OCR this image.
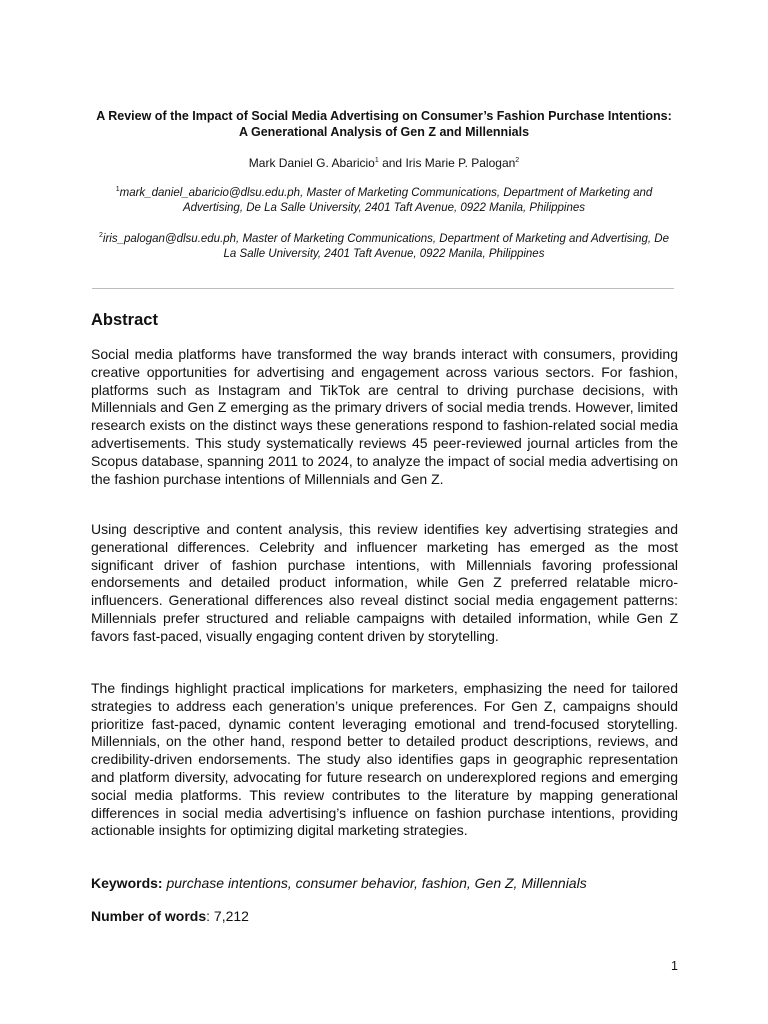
A Review of the Impact of Social Media Advertising on Consumer’s Fashion Purchase Intentions: A Generational Analysis of Gen Z and Millennials
Mark Daniel G. Abaricio$^1$ and Iris Marie P. Palogan$^2$
$^1$mark_daniel_abaricio@dlsu.edu.ph, Master of Marketing Communications, Department of Marketing and Advertising, De La Salle University, 2401 Taft Avenue, 0922 Manila, Philippines
$^2$iris_palogan@dlsu.edu.ph, Master of Marketing Communications, Department of Marketing and Advertising, De La Salle University, 2401 Taft Avenue, 0922 Manila, Philippines
Abstract
Social media platforms have transformed the way brands interact with consumers, providing creative opportunities for advertising and engagement across various sectors. For fashion, platforms such as Instagram and TikTok are central to driving purchase decisions, with Millennials and Gen Z emerging as the primary drivers of social media trends. However, limited research exists on the distinct ways these generations respond to fashion-related social media advertisements. This study systematically reviews 45 peer-reviewed journal articles from the Scopus database, spanning 2011 to 2024, to analyze the impact of social media advertising on the fashion purchase intentions of Millennials and Gen Z.
Using descriptive and content analysis, this review identifies key advertising strategies and generational differences. Celebrity and influencer marketing has emerged as the most significant driver of fashion purchase intentions, with Millennials favoring professional endorsements and detailed product information, while Gen Z preferred relatable micro-influencers. Generational differences also reveal distinct social media engagement patterns: Millennials prefer structured and reliable campaigns with detailed information, while Gen Z favors fast-paced, visually engaging content driven by storytelling.
The findings highlight practical implications for marketers, emphasizing the need for tailored strategies to address each generation’s unique preferences. For Gen Z, campaigns should prioritize fast-paced, dynamic content leveraging emotional and trend-focused storytelling. Millennials, on the other hand, respond better to detailed product descriptions, reviews, and credibility-driven endorsements. The study also identifies gaps in geographic representation and platform diversity, advocating for future research on underexplored regions and emerging social media platforms. This review contributes to the literature by mapping generational differences in social media advertising’s influence on fashion purchase intentions, providing actionable insights for optimizing digital marketing strategies.
Keywords: purchase intentions, consumer behavior, fashion, Gen Z, Millennials
Number of words: 7,212
1
